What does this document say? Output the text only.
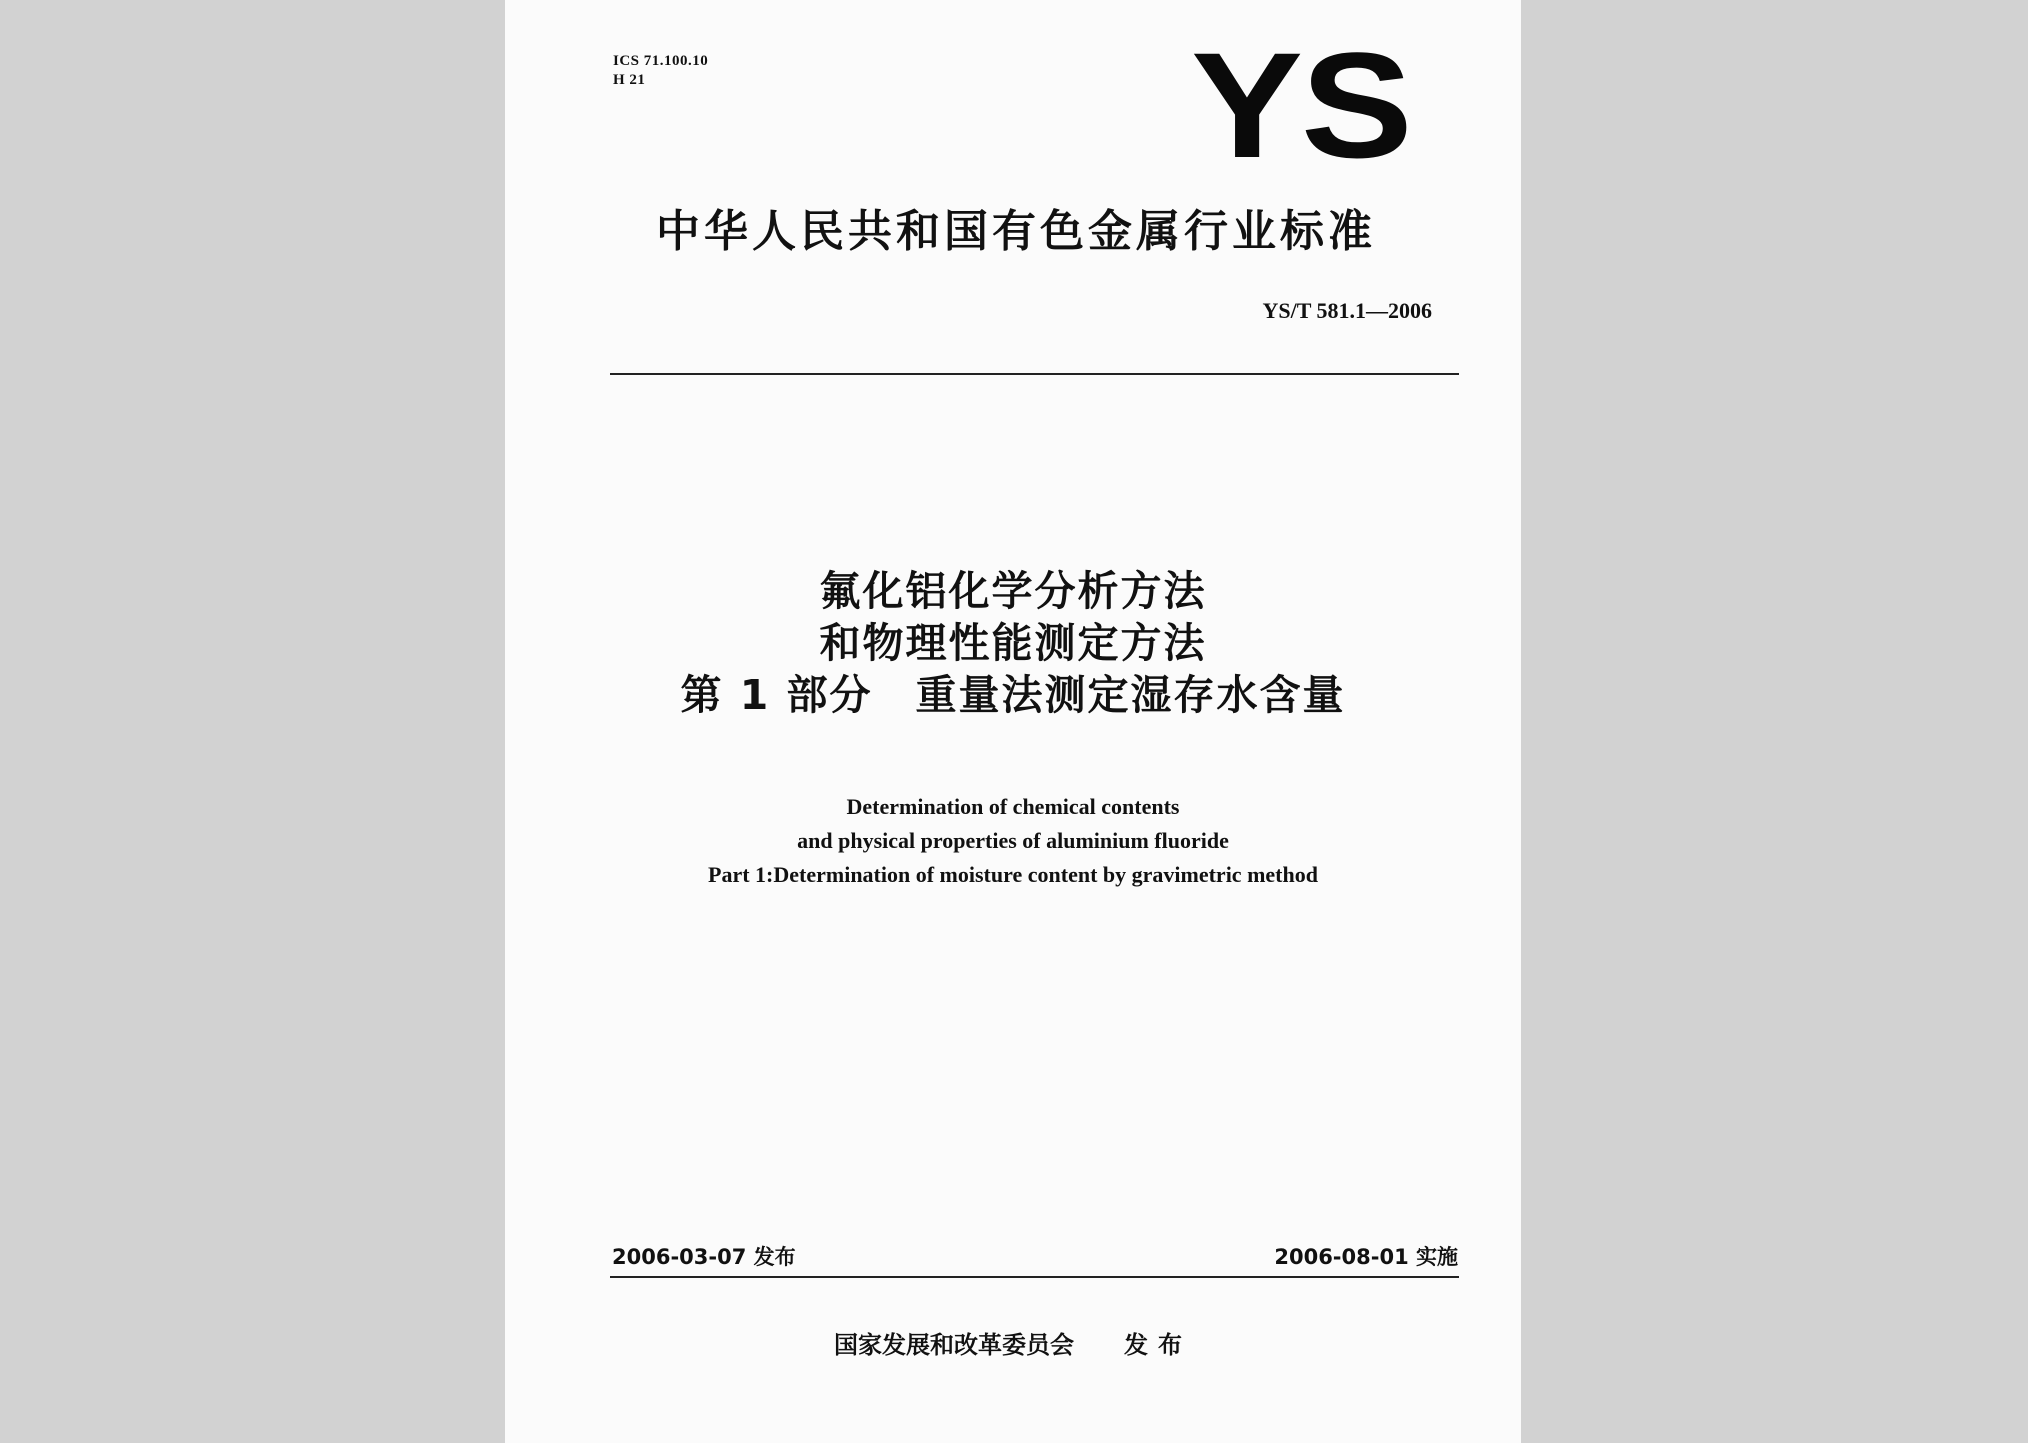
ICS 71.100.10
H 21	YS
中华人民共和国有色金属行业标准
YS/T 581.1—2006
氟化铝化学分析方法
和物理性能测定方法
第 1 部分　重量法测定湿存水含量
Determination of chemical contents
and physical properties of aluminium fluoride
Part 1:Determination of moisture content by gravimetric method
2006-03-07 发布	2006-08-01 实施
国家发展和改革委员会 发布
